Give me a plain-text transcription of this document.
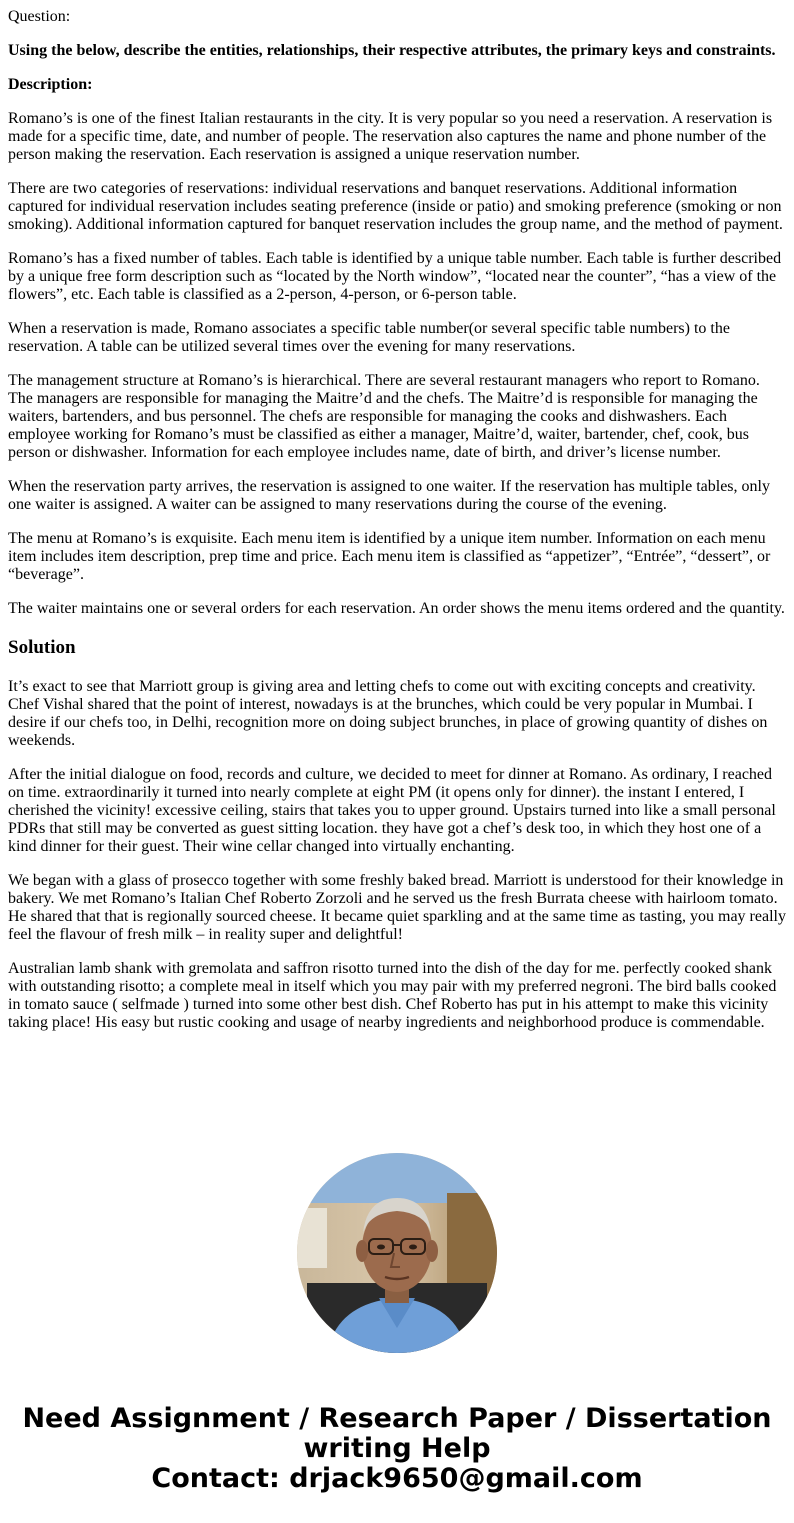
Question:

Using the below, describe the entities, relationships, their respective attributes, the primary keys and constraints.

Description:

Romano’s is one of the finest Italian restaurants in the city. It is very popular so you need a reservation. A reservation is made for a specific time, date, and number of people. The reservation also captures the name and phone number of the person making the reservation. Each reservation is assigned a unique reservation number.

There are two categories of reservations: individual reservations and banquet reservations. Additional information captured for individual reservation includes seating preference (inside or patio) and smoking preference (smoking or non smoking). Additional information captured for banquet reservation includes the group name, and the method of payment.

Romano’s has a fixed number of tables. Each table is identified by a unique table number. Each table is further described by a unique free form description such as “located by the North window”, “located near the counter”, “has a view of the flowers”, etc. Each table is classified as a 2-person, 4-person, or 6-person table.

When a reservation is made, Romano associates a specific table number(or several specific table numbers) to the reservation. A table can be utilized several times over the evening for many reservations.

The management structure at Romano’s is hierarchical. There are several restaurant managers who report to Romano. The managers are responsible for managing the Maitre’d and the chefs. The Maitre’d is responsible for managing the waiters, bartenders, and bus personnel. The chefs are responsible for managing the cooks and dishwashers. Each employee working for Romano’s must be classified as either a manager, Maitre’d, waiter, bartender, chef, cook, bus person or dishwasher. Information for each employee includes name, date of birth, and driver’s license number.

When the reservation party arrives, the reservation is assigned to one waiter. If the reservation has multiple tables, only one waiter is assigned. A waiter can be assigned to many reservations during the course of the evening.

The menu at Romano’s is exquisite. Each menu item is identified by a unique item number. Information on each menu item includes item description, prep time and price. Each menu item is classified as “appetizer”, “Entrée”, “dessert”, or “beverage”.

The waiter maintains one or several orders for each reservation. An order shows the menu items ordered and the quantity.

Solution

It’s exact to see that Marriott group is giving area and letting chefs to come out with exciting concepts and creativity. Chef Vishal shared that the point of interest, nowadays is at the brunches, which could be very popular in Mumbai. I desire if our chefs too, in Delhi, recognition more on doing subject brunches, in place of growing quantity of dishes on weekends.

After the initial dialogue on food, records and culture, we decided to meet for dinner at Romano. As ordinary, I reached on time. extraordinarily it turned into nearly complete at eight PM (it opens only for dinner). the instant I entered, I cherished the vicinity! excessive ceiling, stairs that takes you to upper ground. Upstairs turned into like a small personal PDRs that still may be converted as guest sitting location. they have got a chef’s desk too, in which they host one of a kind dinner for their guest. Their wine cellar changed into virtually enchanting.

We began with a glass of prosecco together with some freshly baked bread. Marriott is understood for their knowledge in bakery. We met Romano’s Italian Chef Roberto Zorzoli and he served us the fresh Burrata cheese with hairloom tomato. He shared that that is regionally sourced cheese. It became quiet sparkling and at the same time as tasting, you may really feel the flavour of fresh milk – in reality super and delightful!

Australian lamb shank with gremolata and saffron risotto turned into the dish of the day for me. perfectly cooked shank with outstanding risotto; a complete meal in itself which you may pair with my preferred negroni. The bird balls cooked in tomato sauce ( selfmade ) turned into some other best dish. Chef Roberto has put in his attempt to make this vicinity taking place! His easy but rustic cooking and usage of nearby ingredients and neighborhood produce is commendable.

Need Assignment / Research Paper / Dissertation
writing Help
Contact: drjack9650@gmail.com
